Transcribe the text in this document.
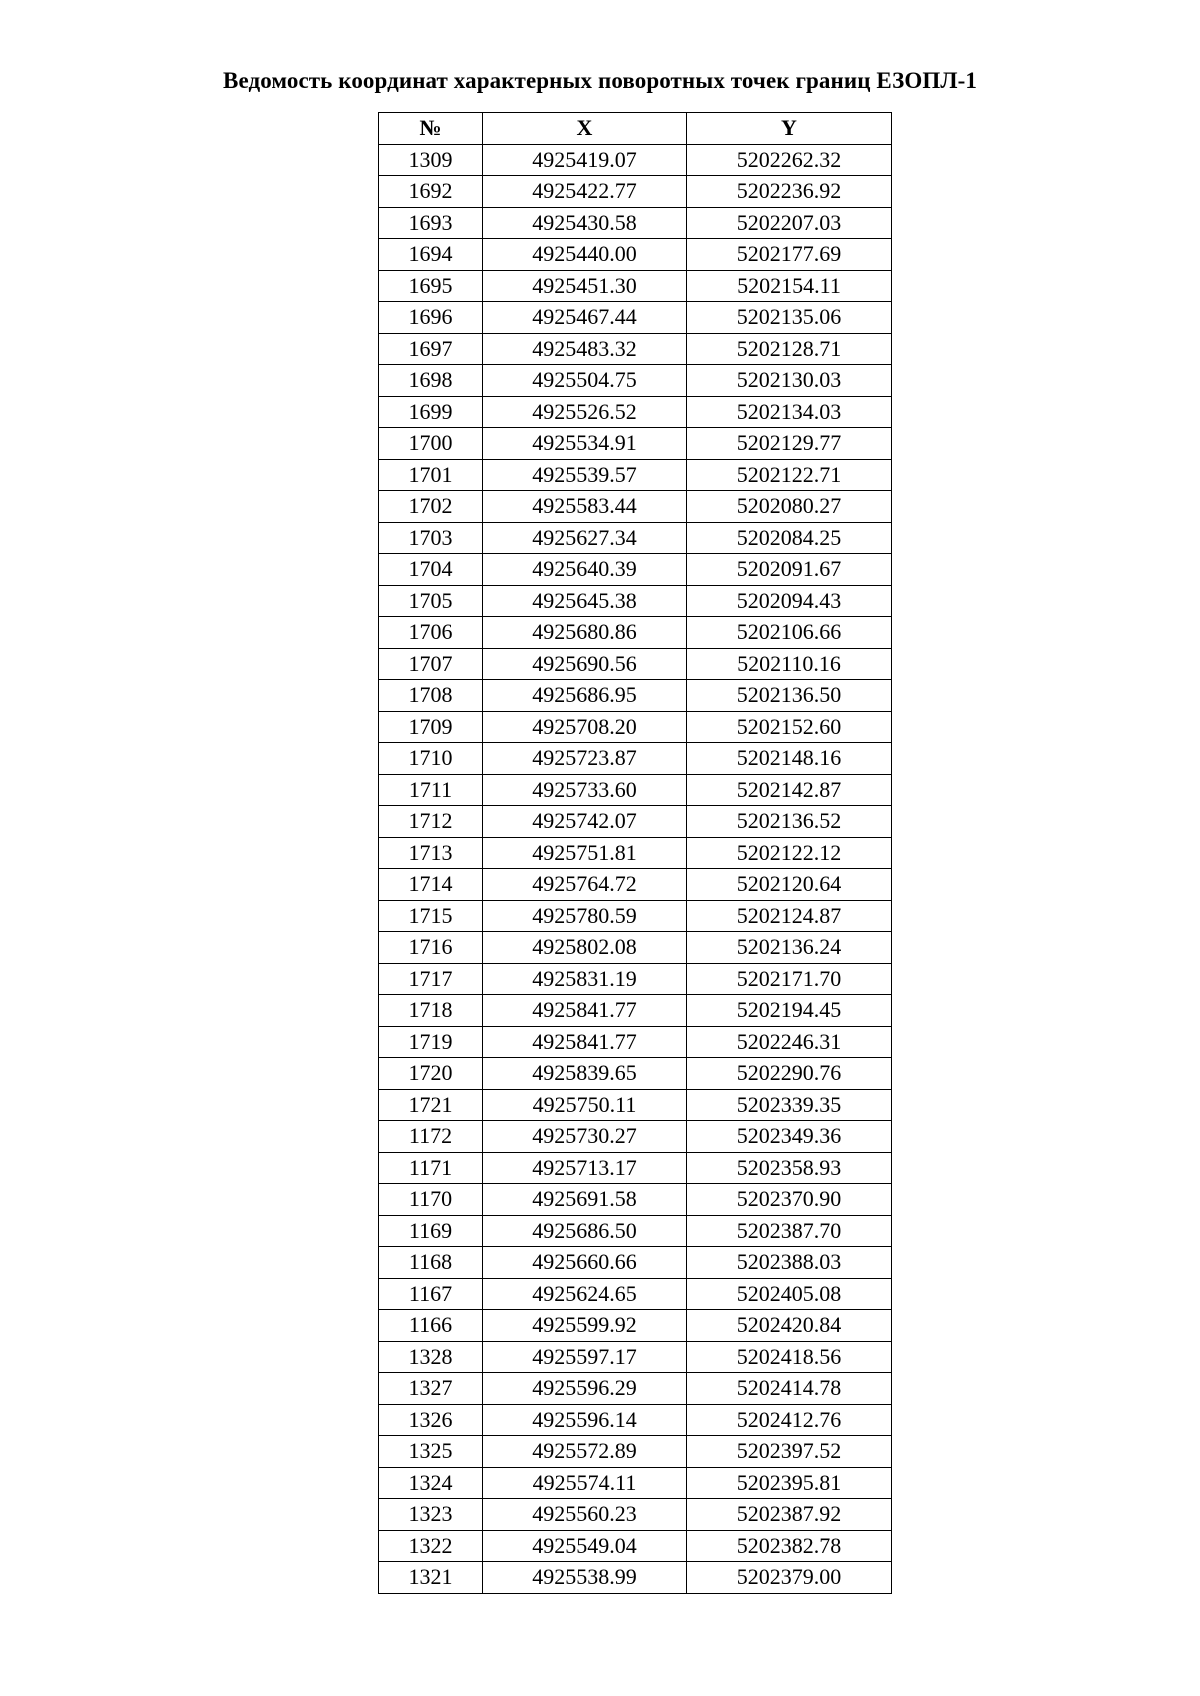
Ведомость координат характерных поворотных точек границ ЕЗОПЛ-1
№	X	Y
1309	4925419.07	5202262.32
1692	4925422.77	5202236.92
1693	4925430.58	5202207.03
1694	4925440.00	5202177.69
1695	4925451.30	5202154.11
1696	4925467.44	5202135.06
1697	4925483.32	5202128.71
1698	4925504.75	5202130.03
1699	4925526.52	5202134.03
1700	4925534.91	5202129.77
1701	4925539.57	5202122.71
1702	4925583.44	5202080.27
1703	4925627.34	5202084.25
1704	4925640.39	5202091.67
1705	4925645.38	5202094.43
1706	4925680.86	5202106.66
1707	4925690.56	5202110.16
1708	4925686.95	5202136.50
1709	4925708.20	5202152.60
1710	4925723.87	5202148.16
1711	4925733.60	5202142.87
1712	4925742.07	5202136.52
1713	4925751.81	5202122.12
1714	4925764.72	5202120.64
1715	4925780.59	5202124.87
1716	4925802.08	5202136.24
1717	4925831.19	5202171.70
1718	4925841.77	5202194.45
1719	4925841.77	5202246.31
1720	4925839.65	5202290.76
1721	4925750.11	5202339.35
1172	4925730.27	5202349.36
1171	4925713.17	5202358.93
1170	4925691.58	5202370.90
1169	4925686.50	5202387.70
1168	4925660.66	5202388.03
1167	4925624.65	5202405.08
1166	4925599.92	5202420.84
1328	4925597.17	5202418.56
1327	4925596.29	5202414.78
1326	4925596.14	5202412.76
1325	4925572.89	5202397.52
1324	4925574.11	5202395.81
1323	4925560.23	5202387.92
1322	4925549.04	5202382.78
1321	4925538.99	5202379.00
